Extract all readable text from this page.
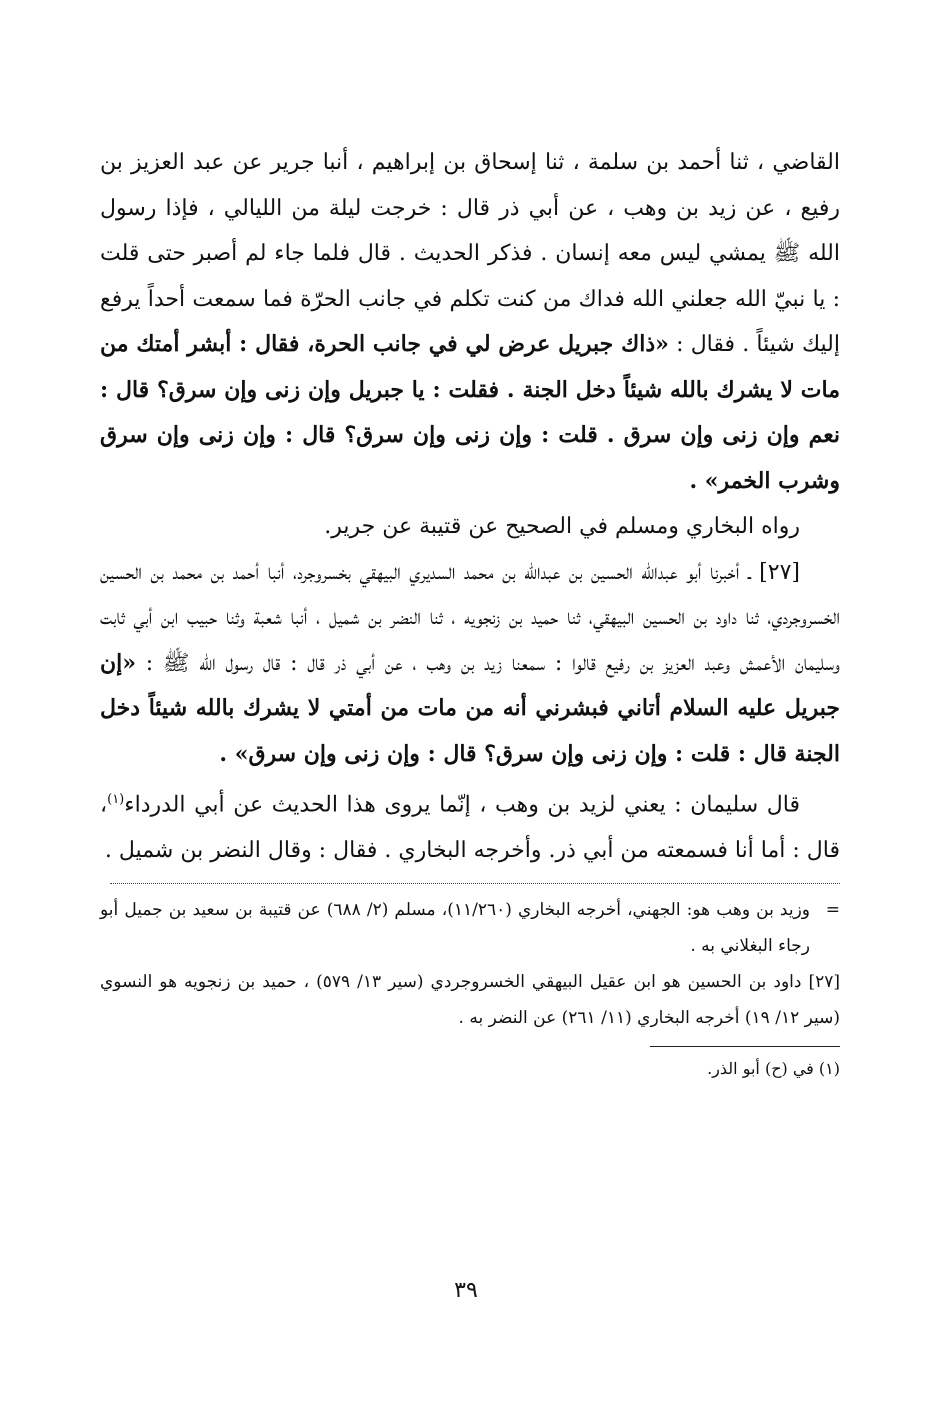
القاضي ، ثنا أحمد بن سلمة ، ثنا إسحاق بن إبراهيم ، أنبا جرير عن عبد العزيز بن رفيع ، عن زيد بن وهب ، عن أبي ذر قال : خرجت ليلة من الليالي ، فإذا رسول الله ﷺ يمشي ليس معه إنسان . فذكر الحديث . قال فلما جاء لم أصبر حتى قلت : يا نبيّ الله جعلني الله فداك من كنت تكلم في جانب الحرّة فما سمعت أحداً يرفع إليك شيئاً . فقال : «ذاك جبريل عرض لي في جانب الحرة، فقال : أبشر أمتك من مات لا يشرك بالله شيئاً دخل الجنة . فقلت : يا جبريل وإن زنى وإن سرق؟ قال : نعم وإن زنى وإن سرق . قلت : وإن زنى وإن سرق؟ قال : وإن زنى وإن سرق وشرب الخمر» .

رواه البخاري ومسلم في الصحيح عن قتيبة عن جرير.

[٢٧] ـ أخبرنا أبو عبدالله الحسين بن عبدالله بن محمد السديري البيهقي بخسروجرد، أنبا أحمد بن محمد بن الحسين الخسروجردي، ثنا داود بن الحسين البيهقي، ثنا حميد بن زنجويه ، ثنا النضر بن شميل ، أنبا شعبة وثنا حبيب ابن أبي ثابت وسليمان الأعمش وعبد العزيز بن رفيع قالوا : سمعنا زيد بن وهب ، عن أبي ذر قال : قال رسول الله ﷺ : «إن جبريل عليه السلام أتاني فبشرني أنه من مات من أمتي لا يشرك بالله شيئاً دخل الجنة قال : قلت : وإن زنى وإن سرق؟ قال : وإن زنى وإن سرق» .

قال سليمان : يعني لزيد بن وهب ، إنّما يروى هذا الحديث عن أبي الدرداء$^{(١)}$، قال : أما أنا فسمعته من أبي ذر. وأخرجه البخاري . فقال : وقال النضر بن شميل .

=
وزيد بن وهب هو: الجهني، أخرجه البخاري (١١/٢٦٠)، مسلم (٢/ ٦٨٨) عن قتيبة بن سعيد بن جميل أبو رجاء البغلاني به .

[٢٧] داود بن الحسين هو ابن عقيل البيهقي الخسروجردي (سير ١٣/ ٥٧٩) ، حميد بن زنجويه هو النسوي (سير ١٢/ ١٩) أخرجه البخاري (١١/ ٢٦١) عن النضر به .

(١) في (ح) أبو الذر.

٣٩
